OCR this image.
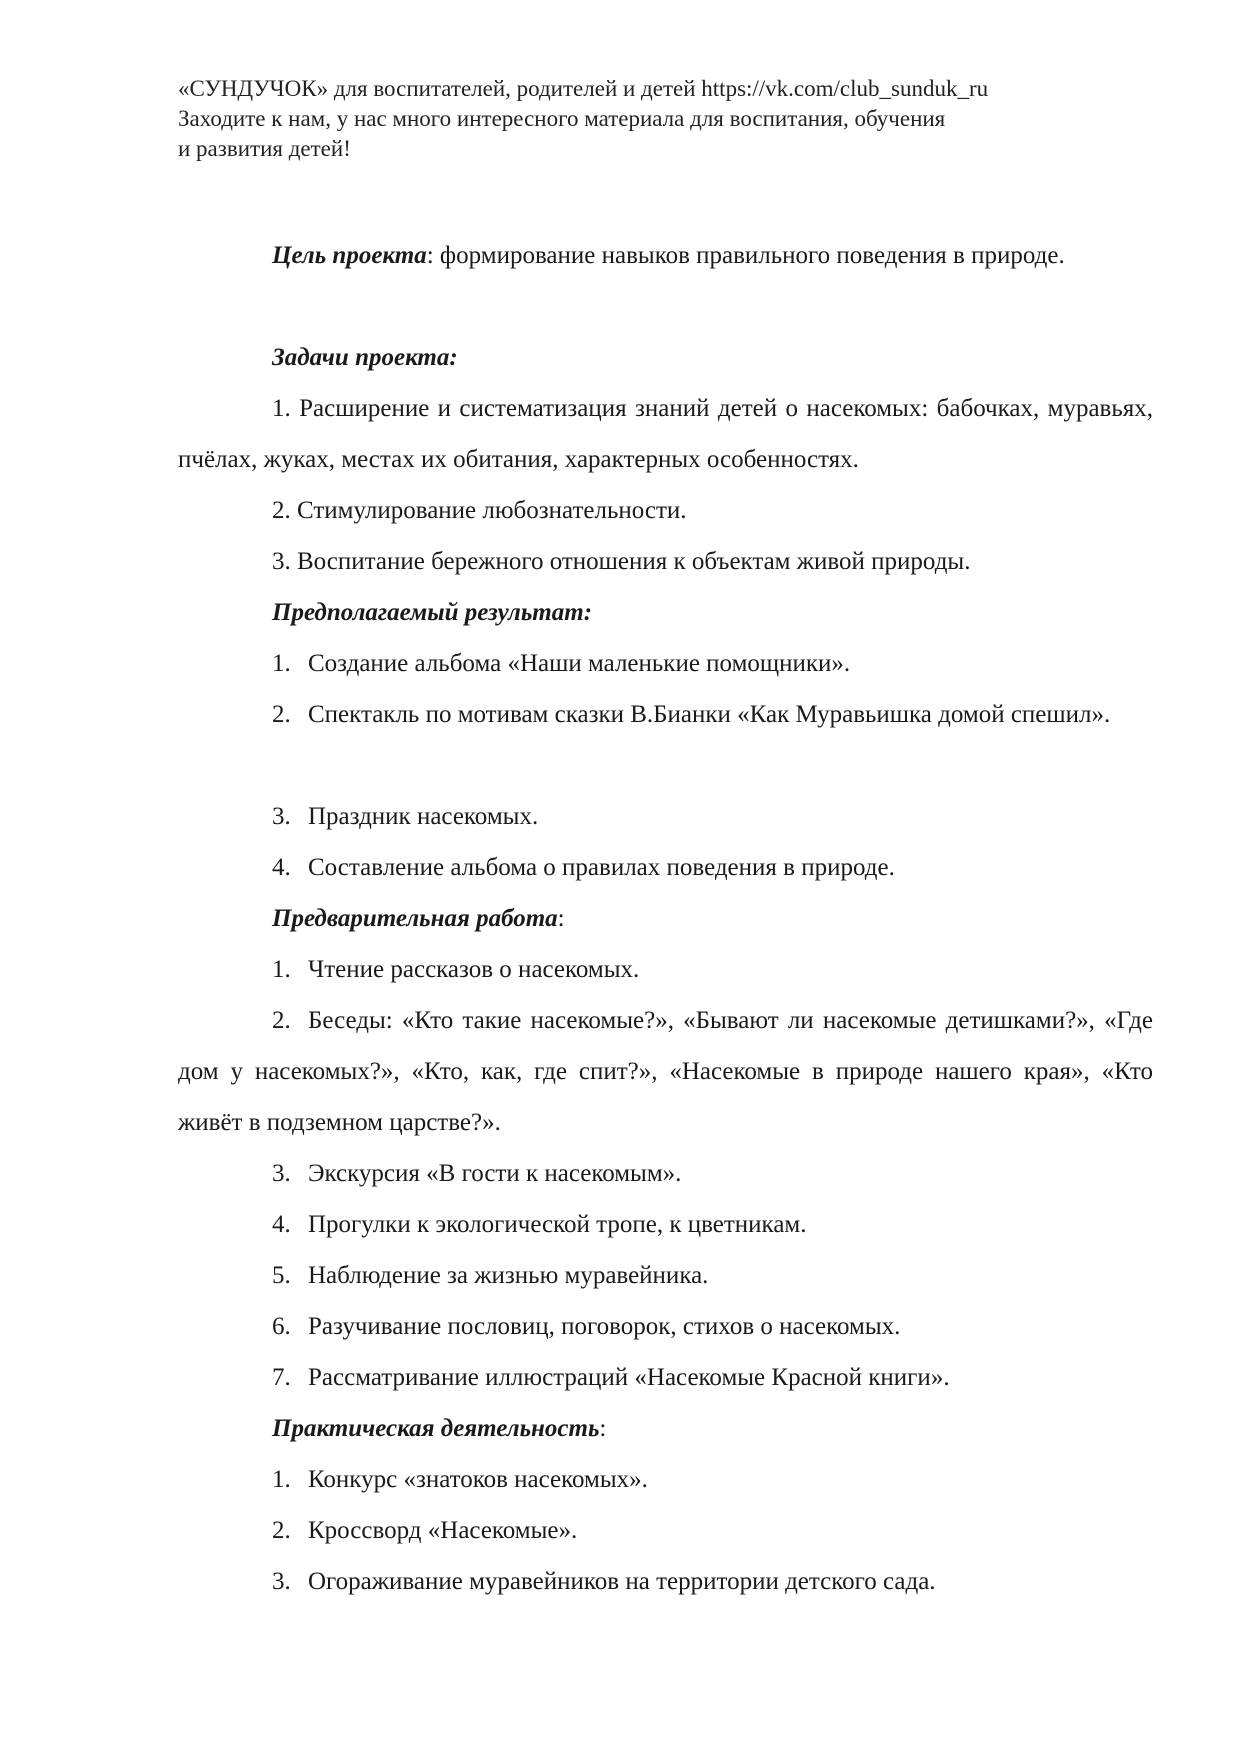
«СУНДУЧОК» для воспитателей, родителей и детей https://vk.com/club_sunduk_ru
Заходите к нам, у нас много интересного материала для воспитания, обучения
и развития детей!

Цель проекта: формирование навыков правильного поведения в природе.

Задачи проекта:

1. Расширение и систематизация знаний детей о насекомых: бабочках, муравьях, пчёлах, жуках, местах их обитания, характерных особенностях.

2. Стимулирование любознательности.
3. Воспитание бережного отношения к объектам живой природы.
Предполагаемый результат:
1. Создание альбома «Наши маленькие помощники».

2. Спектакль по мотивам сказки В.Бианки «Как Муравьишка домой спешил».

3. Праздник насекомых.
4. Составление альбома о правилах поведения в природе.
Предварительная работа:
1. Чтение рассказов о насекомых.

2. Беседы: «Кто такие насекомые?», «Бывают ли насекомые детишками?», «Где дом у насекомых?», «Кто, как, где спит?», «Насекомые в природе нашего края», «Кто живёт в подземном царстве?».

3. Экскурсия «В гости к насекомым».
4. Прогулки к экологической тропе, к цветникам.
5. Наблюдение за жизнью муравейника.
6. Разучивание пословиц, поговорок, стихов о насекомых.
7. Рассматривание иллюстраций «Насекомые Красной книги».
Практическая деятельность:
1. Конкурс «знатоков насекомых».
2. Кроссворд «Насекомые».
3. Огораживание муравейников на территории детского сада.
